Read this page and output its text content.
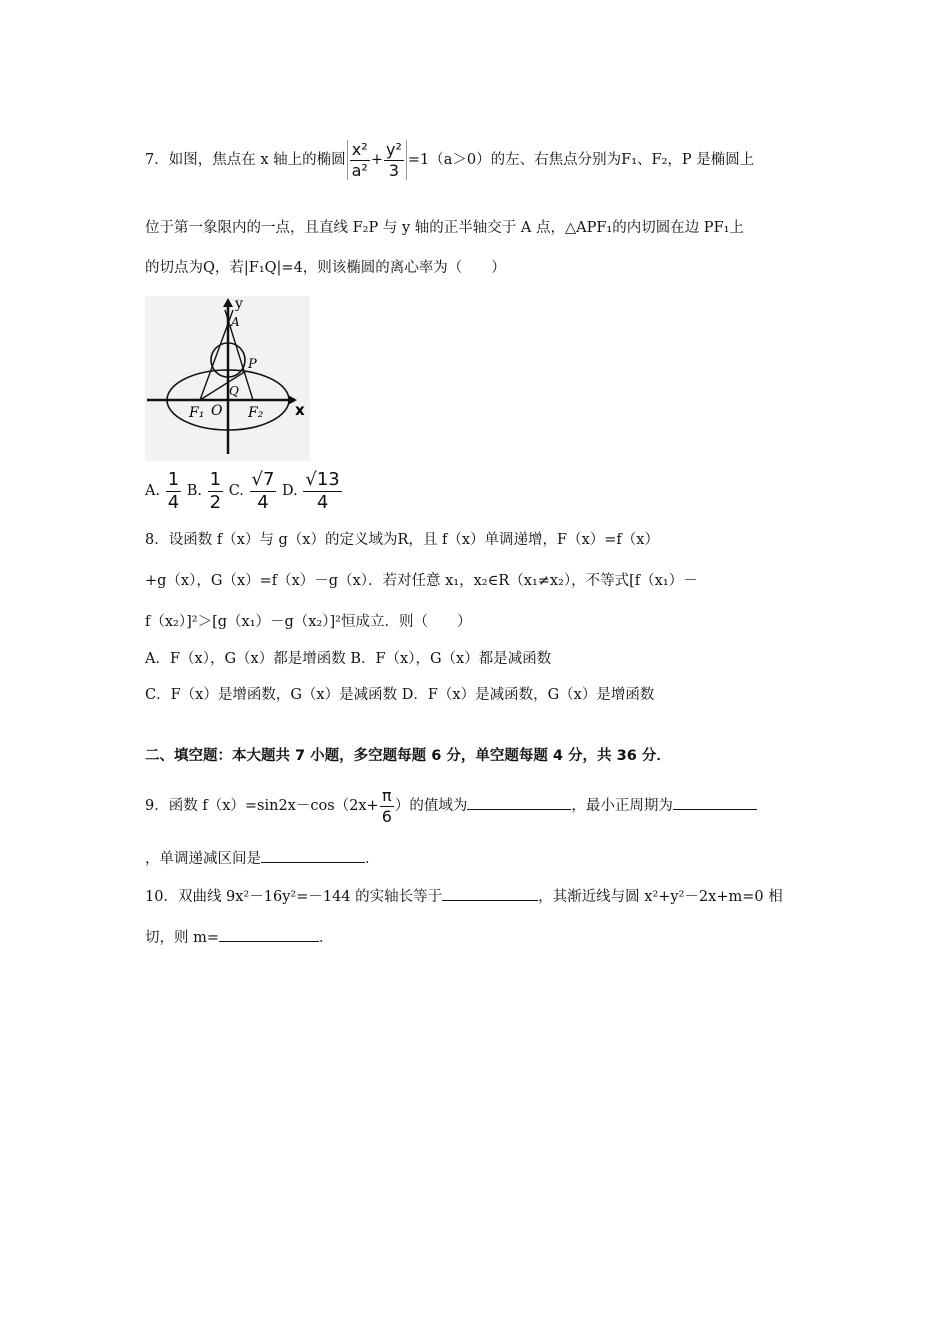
7．如图，焦点在 x 轴上的椭圆 $\frac{\text{x²}}{\text{a²}} + \frac{\text{y²}}{3} =1(a>0)$的左、右焦点分别为F₁、F₂，P 是椭圆上
位于第一象限内的一点，且直线 F₂P 与 y 轴的正半轴交于 A 点，△APF₁的内切圆在边 PF₁上
的切点为Q，若|F₁Q|=4，则该椭圆的离心率为（　　）
y
A
P
Q
F₁ O F₂ x
A. $\frac{1}{4} B$. $\frac{1}{2} C$. $\frac{√7}{4} D$. $\frac{√13}{4}$
8．设函数 f（x）与 g（x）的定义域为R，且 f（x）单调递增，F（x）=f（x）
+g（x），G（x）=f（x）－g（x）．若对任意 x₁，x₂∈R（x₁≠x₂），不等式[f（x₁）－
f（x₂）]²＞[g（x₁）－g（x₂）]²恒成立．则（　　）
A．F（x），G（x）都是增函数 B．F（x），G（x）都是减函数
C．F（x）是增函数，G（x）是减函数 D．F（x）是减函数，G（x）是增函数
二、填空题：本大题共 7 小题，多空题每题 6 分，单空题每题 4 分，共 36 分．
9．函数 $f(x)=\sin 2x-\cos(2x+ \frac{\pi}{6}$ ）的值域为	，最小正周期为
，单调递减区间是	．
10．双曲线 9x²－16y²=－144 的实轴长等于	，其渐近线与圆 x²+y²－2x+m=0 相
切，则 m=	．
